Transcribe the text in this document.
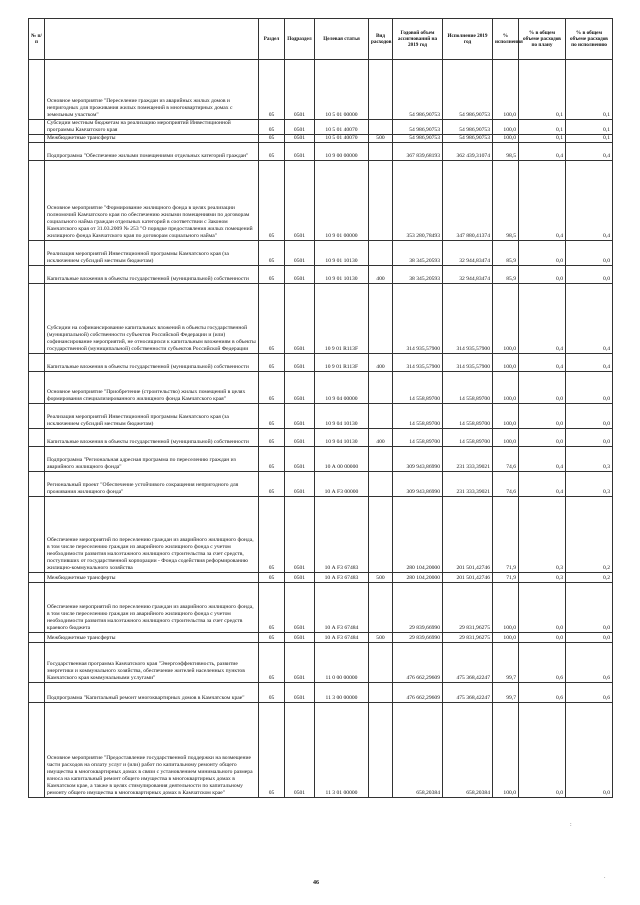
№ п/п		Раздел	Подраздел	Целевая статья	Вид расходов	Годовой объем ассигнований на 2019 год	Исполнение 2019 год	% исполнения	% в общем объеме расходов по плану	% в общем объеме расходов по исполнению
	Основное мероприятие "Переселение граждан из аварийных жилых домов и непригодных для проживания жилых помещений в многоквартирных домах с земельным участком"	05	0501	10 5 01 00000		54 986,90753	54 986,90753	100,0	0,1	0,1
	Субсидии местным бюджетам на реализацию мероприятий Инвестиционной программы Камчатского края	05	0501	10 5 01 40070		54 986,90753	54 986,90753	100,0	0,1	0,1
	Межбюджетные трансферты	05	0501	10 5 01 40070	500	54 986,90753	54 986,90753	100,0	0,1	0,1
	Подпрограмма "Обеспечение жилыми помещениями отдельных категорий граждан"	05	0501	10 9 00 00000		367 839,68193	362 439,31074	98,5	0,4	0,4
	Основное мероприятие "Формирование жилищного фонда в целях реализации полномочий Камчатского края по обеспечению жилыми помещениями по договорам социального найма граждан отдельных категорий в соответствии с Законом Камчатского края от 31.03.2009 № 253 "О порядке предоставления жилых помещений жилищного фонда Камчатского края по договорам социального найма"	05	0501	10 9 01 00000		353 280,78493	347 880,41374	98,5	0,4	0,4
	Реализация мероприятий Инвестиционной программы Камчатского края (за исключением субсидий местным бюджетам)	05	0501	10 9 01 10130		38 345,20593	32 944,83474	85,9	0,0	0,0
	Капитальные вложения в объекты государственной (муниципальной) собственности	05	0501	10 9 01 10130	400	38 345,20593	32 944,83474	85,9	0,0	0,0
	Субсидии на софинансирование капитальных вложений в объекты государственной (муниципальной) собственности субъектов Российской Федерации и (или) софинансирование мероприятий, не относящихся к капитальным вложениям в объекты государственной (муниципальной) собственности субъектов Российской Федерации	05	0501	10 9 01 R113F		314 935,57900	314 935,57900	100,0	0,4	0,4
	Капитальные вложения в объекты государственной (муниципальной) собственности	05	0501	10 9 01 R113F	400	314 935,57900	314 935,57900	100,0	0,4	0,4
	Основное мероприятие "Приобретение (строительство) жилых помещений в целях формирования специализированного жилищного фонда Камчатского края"	05	0501	10 9 04 00000		14 558,89700	14 558,89700	100,0	0,0	0,0
	Реализация мероприятий Инвестиционной программы Камчатского края (за исключением субсидий местным бюджетам)	05	0501	10 9 04 10130		14 558,89700	14 558,89700	100,0	0,0	0,0
	Капитальные вложения в объекты государственной (муниципальной) собственности	05	0501	10 9 04 10130	400	14 558,89700	14 558,89700	100,0	0,0	0,0
	Подпрограмма "Региональная адресная программа по переселению граждан из аварийного жилищного фонда"	05	0501	10 А 00 00000		309 943,86990	231 333,39021	74,6	0,4	0,3
	Региональный проект "Обеспечение устойчивого сокращения непригодного для проживания жилищного фонда"	05	0501	10 А F3 00000		309 943,86990	231 333,39021	74,6	0,4	0,3
	Обеспечение мероприятий по переселению граждан из аварийного жилищного фонда, в том числе переселению граждан из аварийного жилищного фонда с учетом необходимости развития малоэтажного жилищного строительства за счет средств, поступивших от государственной корпорации - Фонда содействия реформированию жилищно-коммунального хозяйства	05	0501	10 А F3 67483		280 104,20000	201 501,42746	71,9	0,3	0,2
	Межбюджетные трансферты	05	0501	10 А F3 67483	500	280 104,20000	201 501,42746	71,9	0,3	0,2
	Обеспечение мероприятий по переселению граждан из аварийного жилищного фонда, в том числе переселению граждан из аварийного жилищного фонда с учетом необходимости развития малоэтажного жилищного строительства за счет средств краевого бюджета	05	0501	10 А F3 67484		29 839,66990	29 831,96275	100,0	0,0	0,0
	Межбюджетные трансферты	05	0501	10 А F3 67484	500	29 839,66990	29 831,96275	100,0	0,0	0,0
	Государственная программа Камчатского края "Энергоэффективность, развитие энергетики и коммунального хозяйства, обеспечение жителей населенных пунктов Камчатского края коммунальными услугами"	05	0501	11 0 00 00000		476 662,29609	475 368,42247	99,7	0,6	0,6
	Подпрограмма "Капитальный ремонт многоквартирных домов в Камчатском крае"	05	0501	11 3 00 00000		476 662,29609	475 368,42247	99,7	0,6	0,6
	Основное мероприятие "Предоставление государственной поддержки на возмещение части расходов на оплату услуг и (или) работ по капитальному ремонту общего имущества в многоквартирных домах в связи с установлением минимального размера взноса на капитальный ремонт общего имущества в многоквартирных домах в Камчатском крае, а также в целях стимулирования деятельности по капитальному ремонту общего имущества в многоквартирных домах в Камчатском крае"	05	0501	11 3 01 00000		658,20384	658,20384	100,0	0,0	0,0
46
.
:
